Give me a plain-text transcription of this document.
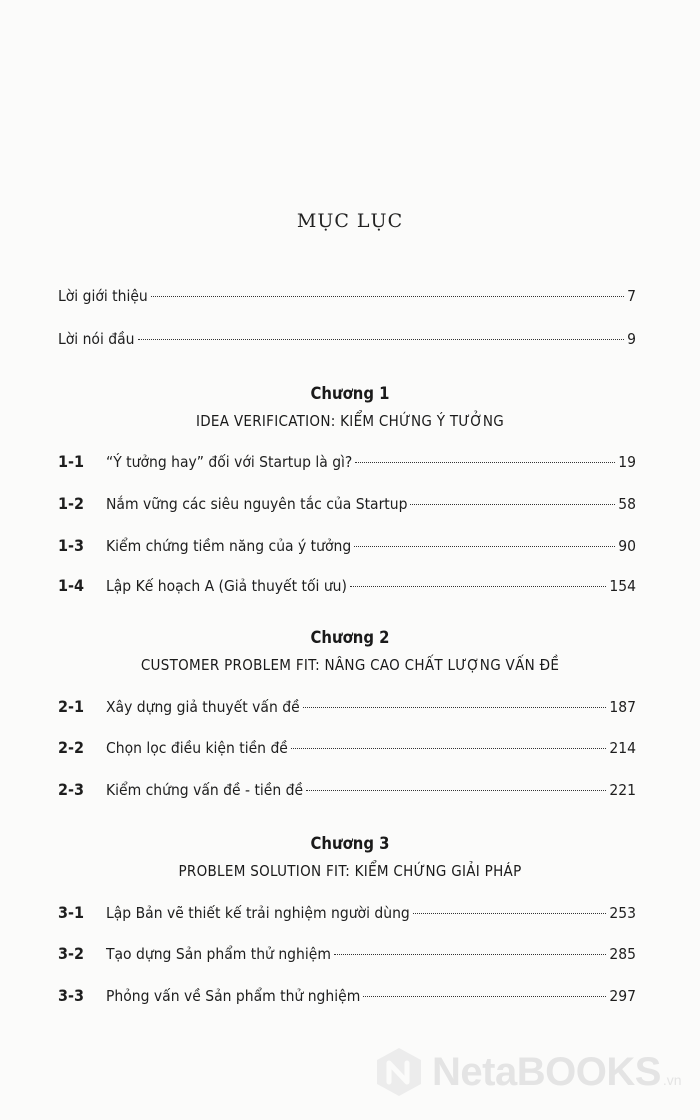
MỤC LỤC
Lời giới thiệu	7
Lời nói đầu	9
Chương 1
IDEA VERIFICATION: KIỂM CHỨNG Ý TƯỞNG
1-1	“Ý tưởng hay” đối với Startup là gì?	19
1-2	Nắm vững các siêu nguyên tắc của Startup	58
1-3	Kiểm chứng tiềm năng của ý tưởng	90
1-4	Lập Kế hoạch A (Giả thuyết tối ưu)	154
Chương 2
CUSTOMER PROBLEM FIT: NÂNG CAO CHẤT LƯỢNG VẤN ĐỀ
2-1	Xây dựng giả thuyết vấn đề	187
2-2	Chọn lọc điều kiện tiền đề	214
2-3	Kiểm chứng vấn đề - tiền đề	221
Chương 3
PROBLEM SOLUTION FIT: KIỂM CHỨNG GIẢI PHÁP
3-1	Lập Bản vẽ thiết kế trải nghiệm người dùng	253
3-2	Tạo dựng Sản phẩm thử nghiệm	285
3-3	Phỏng vấn về Sản phẩm thử nghiệm	297
NetaBOOKS .vn
